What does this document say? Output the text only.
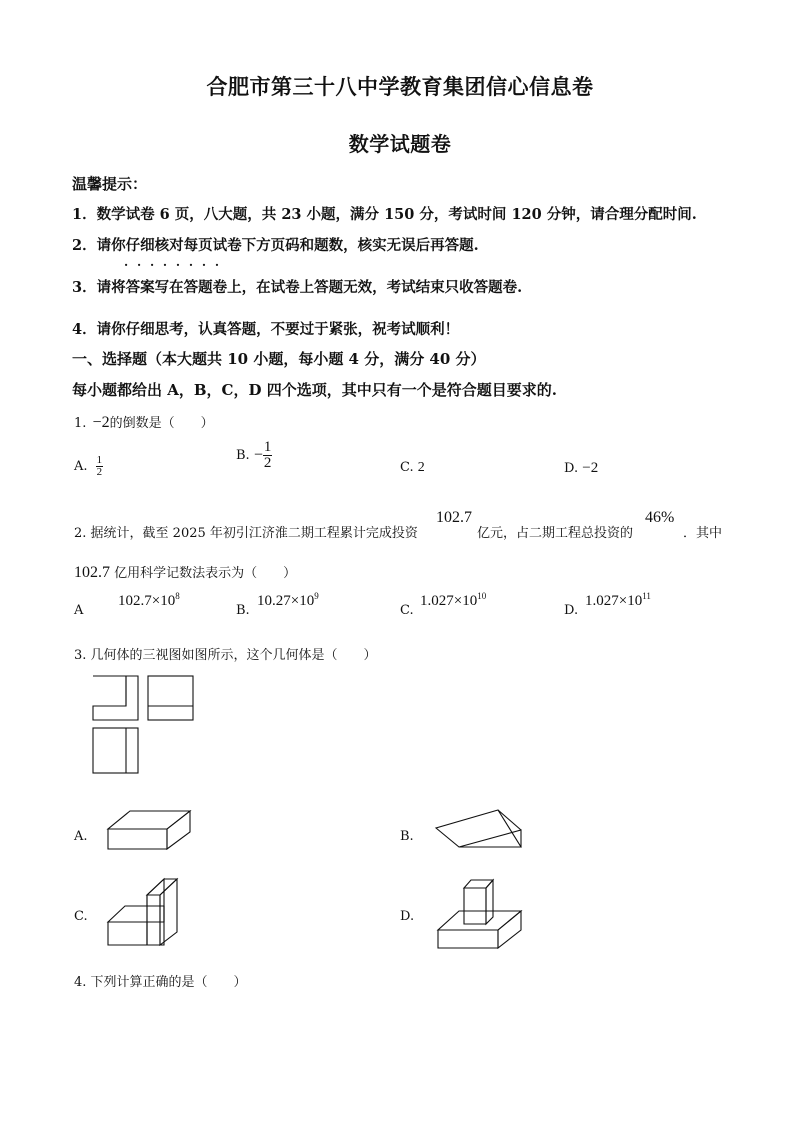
合肥市第三十八中学教育集团信心信息卷
数学试题卷
温馨提示：
1．数学试卷 6 页，八大题，共 23 小题，满分 150 分，考试时间 120 分钟，请合理分配时间.
2．请你仔细核对每页试卷下方页码和题数，核实无误后再答题.
········
3．请将答案写在答题卷上，在试卷上答题无效，考试结束只收答题卷.
4．请你仔细思考，认真答题，不要过于紧张，祝考试顺利！
一、选择题（本大题共 10 小题，每小题 4 分，满分 40 分）
每小题都给出 A，B，C，D 四个选项，其中只有一个是符合题目要求的.
1. −2的倒数是（　　）
A. $\frac{1}{2}$	B. − $\frac{1}{2}$	C. 2	D. −2
2. 据统计，截至 2025 年初引江济淮二期工程累计完成投资
102.7
亿元，占二期工程总投资的
46%
．其中
102.7 亿用科学记数法表示为（　　）
A
$102.7\times 10^8$
B.
$10.27\times 10^9$
C.
$1.027\times 10^{10}$
D.
$1.027\times 10^{11}$
3. 几何体的三视图如图所示，这个几何体是（　　）
A.	B.
C.	D.
4. 下列计算正确的是（　　）
